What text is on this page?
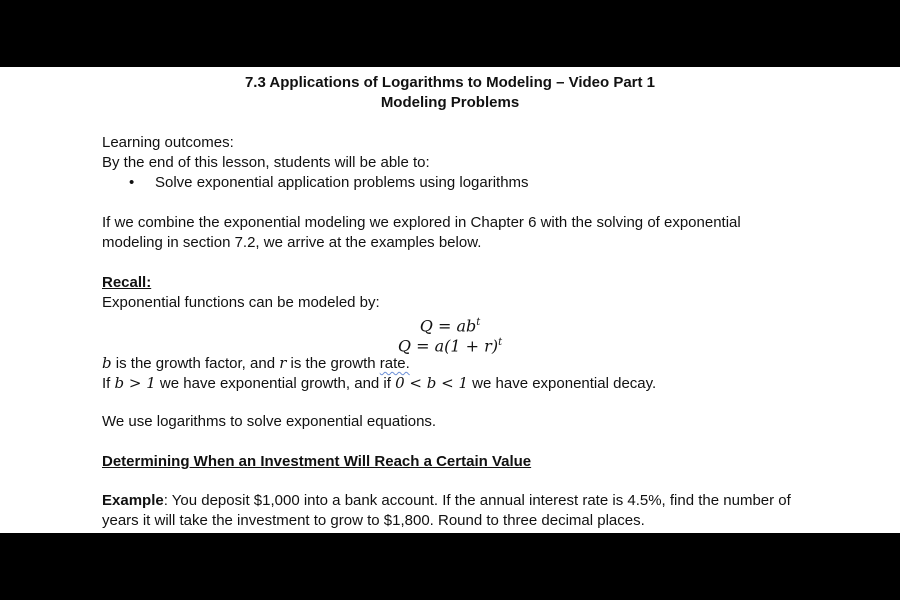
7.3 Applications of Logarithms to Modeling – Video Part 1
Modeling Problems
Learning outcomes:
By the end of this lesson, students will be able to:
• Solve exponential application problems using logarithms
If we combine the exponential modeling we explored in Chapter 6 with the solving of exponential
modeling in section 7.2, we arrive at the examples below.
Recall:
Exponential functions can be modeled by:
$Q = ab^t$
$Q = a(1 + r)^t$
b is the growth factor, and r is the growth rate.
If b > 1 we have exponential growth, and if 0 < b < 1 we have exponential decay.
We use logarithms to solve exponential equations.
Determining When an Investment Will Reach a Certain Value
Example: You deposit $1,000 into a bank account. If the annual interest rate is 4.5%, find the number of
years it will take the investment to grow to $1,800. Round to three decimal places.
